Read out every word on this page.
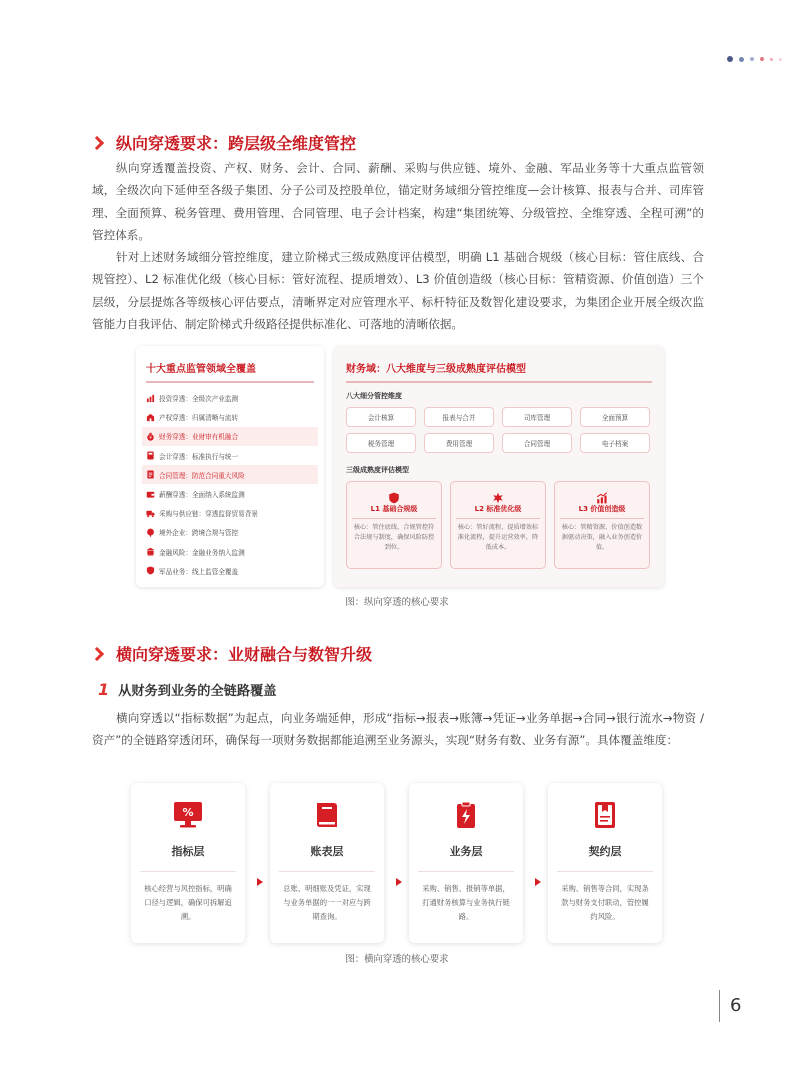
纵向穿透要求：跨层级全维度管控

纵向穿透覆盖投资、产权、财务、会计、合同、薪酬、采购与供应链、境外、金融、军品业务等十大重点监管领域，全级次向下延伸至各级子集团、分子公司及控股单位，锚定财务域细分管控维度—会计核算、报表与合并、司库管理、全面预算、税务管理、费用管理、合同管理、电子会计档案，构建“集团统筹、分级管控、全维穿透、全程可溯”的管控体系。

针对上述财务域细分管控维度，建立阶梯式三级成熟度评估模型，明确 L1 基础合规级（核心目标：管住底线、合规管控）、L2 标准优化级（核心目标：管好流程、提质增效）、L3 价值创造级（核心目标：管精资源、价值创造）三个层级，分层提炼各等级核心评估要点，清晰界定对应管理水平、标杆特征及数智化建设要求，为集团企业开展全级次监管能力自我评估、制定阶梯式升级路径提供标准化、可落地的清晰依据。

十大重点监管领域全覆盖
投资穿透： 全级次产业监测
产权穿透： 归属清晰与流转
¥ 财务穿透： 业财审有机融合
会计穿透： 标准执行与统一
合同管理： 防范合同重大风险
薪酬穿透： 全面纳入系统监测
采购与供应链： 穿透监督贸易背景
境外企业： 跨境合规与管控
金融风险： 金融业务纳入监测
军品业务： 线上监管全覆盖
财务域：八大维度与三级成熟度评估模型
八大细分管控维度
会计核算	报表与合并	司库管理	全面预算
税务管理	费用管理	合同管理	电子档案
三级成熟度评估模型
L1 基础合规级
核心：管住底线、合规管控符合法规与制度，确保风险防控到位。
L2 标准优化级
核心：管好流程、提质增效标准化流程，提升运营效率，降低成本。
L3 价值创造级
核心：管精资源、价值创造数据驱动决策，融入业务创造价值。
图：纵向穿透的核心要求
横向穿透要求：业财融合与数智升级
1 从财务到业务的全链路覆盖

横向穿透以“指标数据”为起点，向业务端延伸，形成“指标→报表→账簿→凭证→业务单据→合同→银行流水→物资 / 资产”的全链路穿透闭环，确保每一项财务数据都能追溯至业务源头，实现“财务有数、业务有源”。具体覆盖维度：

%
指标层
核心经营与风控指标，明确口径与逻辑，确保可拆解追溯。
账表层
总账、明细账及凭证，实现与业务单据的一一对应与跨期查询。
业务层
采购、销售、报销等单据，打通财务核算与业务执行链路。
契约层
采购、销售等合同，实现条款与财务支付联动，管控履约风险。
图：横向穿透的核心要求
6
